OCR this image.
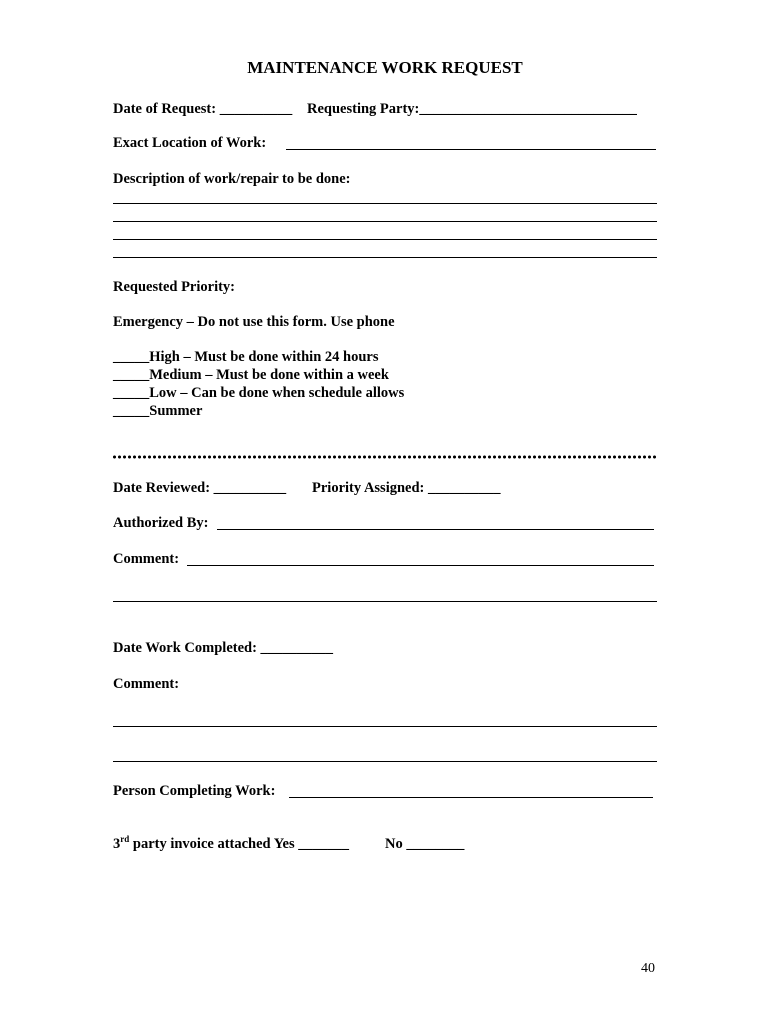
MAINTENANCE WORK REQUEST
Date of Request: __________ Requesting Party:______________________________
Exact Location of Work:
Description of work/repair to be done:
Requested Priority:
Emergency – Do not use this form. Use phone
_____High – Must be done within 24 hours
_____Medium – Must be done within a week
_____Low – Can be done when schedule allows
_____Summer
Date Reviewed: __________ Priority Assigned: __________
Authorized By:
Comment:
Date Work Completed: __________
Comment:
Person Completing Work:
3rd party invoice attached Yes _______ No ________
40
